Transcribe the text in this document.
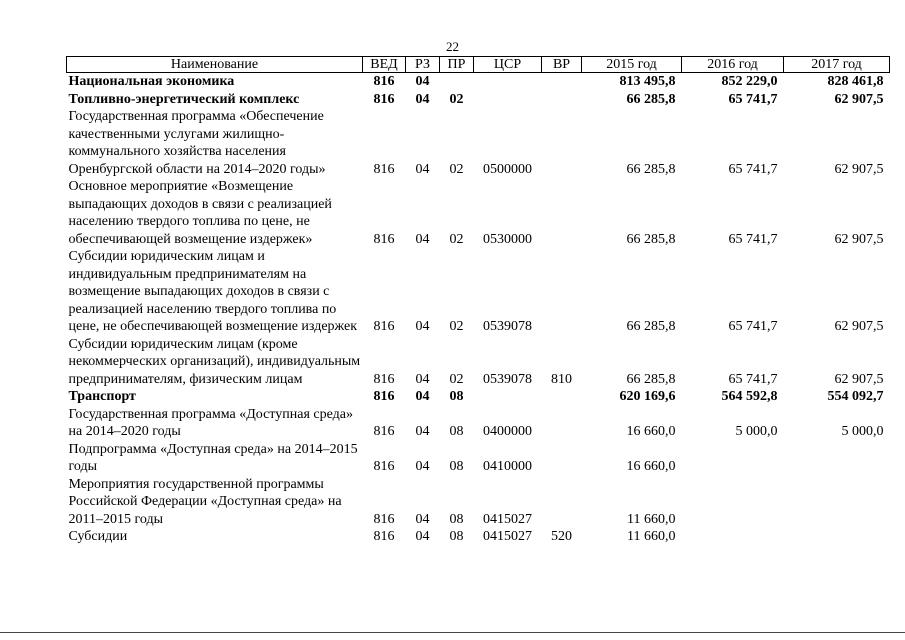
22
Наименование	ВЕД	РЗ	ПР	ЦСР	ВР	2015 год	2016 год	2017 год
Национальная экономика	816	04				813 495,8	852 229,0	828 461,8
Топливно-энергетический комплекс	816	04	02			66 285,8	65 741,7	62 907,5
Государственная программа «Обеспечение качественными услугами жилищно-коммунального хозяйства населения Оренбургской области на 2014–2020 годы»	816	04	02	0500000		66 285,8	65 741,7	62 907,5
Основное мероприятие «Возмещение выпадающих доходов в связи с реализацией населению твердого топлива по цене, не обеспечивающей возмещение издержек»	816	04	02	0530000		66 285,8	65 741,7	62 907,5
Субсидии юридическим лицам и индивидуальным предпринимателям на возмещение выпадающих доходов в связи с реализацией населению твердого топлива по цене, не обеспечивающей возмещение издержек	816	04	02	0539078		66 285,8	65 741,7	62 907,5
Субсидии юридическим лицам (кроме некоммерческих организаций), индивидуальным предпринимателям, физическим лицам	816	04	02	0539078	810	66 285,8	65 741,7	62 907,5
Транспорт	816	04	08			620 169,6	564 592,8	554 092,7
Государственная программа «Доступная среда» на 2014–2020 годы	816	04	08	0400000		16 660,0	5 000,0	5 000,0
Подпрограмма «Доступная среда» на 2014–2015 годы	816	04	08	0410000		16 660,0		
Мероприятия государственной программы Российской Федерации «Доступная среда» на 2011–2015 годы	816	04	08	0415027		11 660,0		
Субсидии	816	04	08	0415027	520	11 660,0		
